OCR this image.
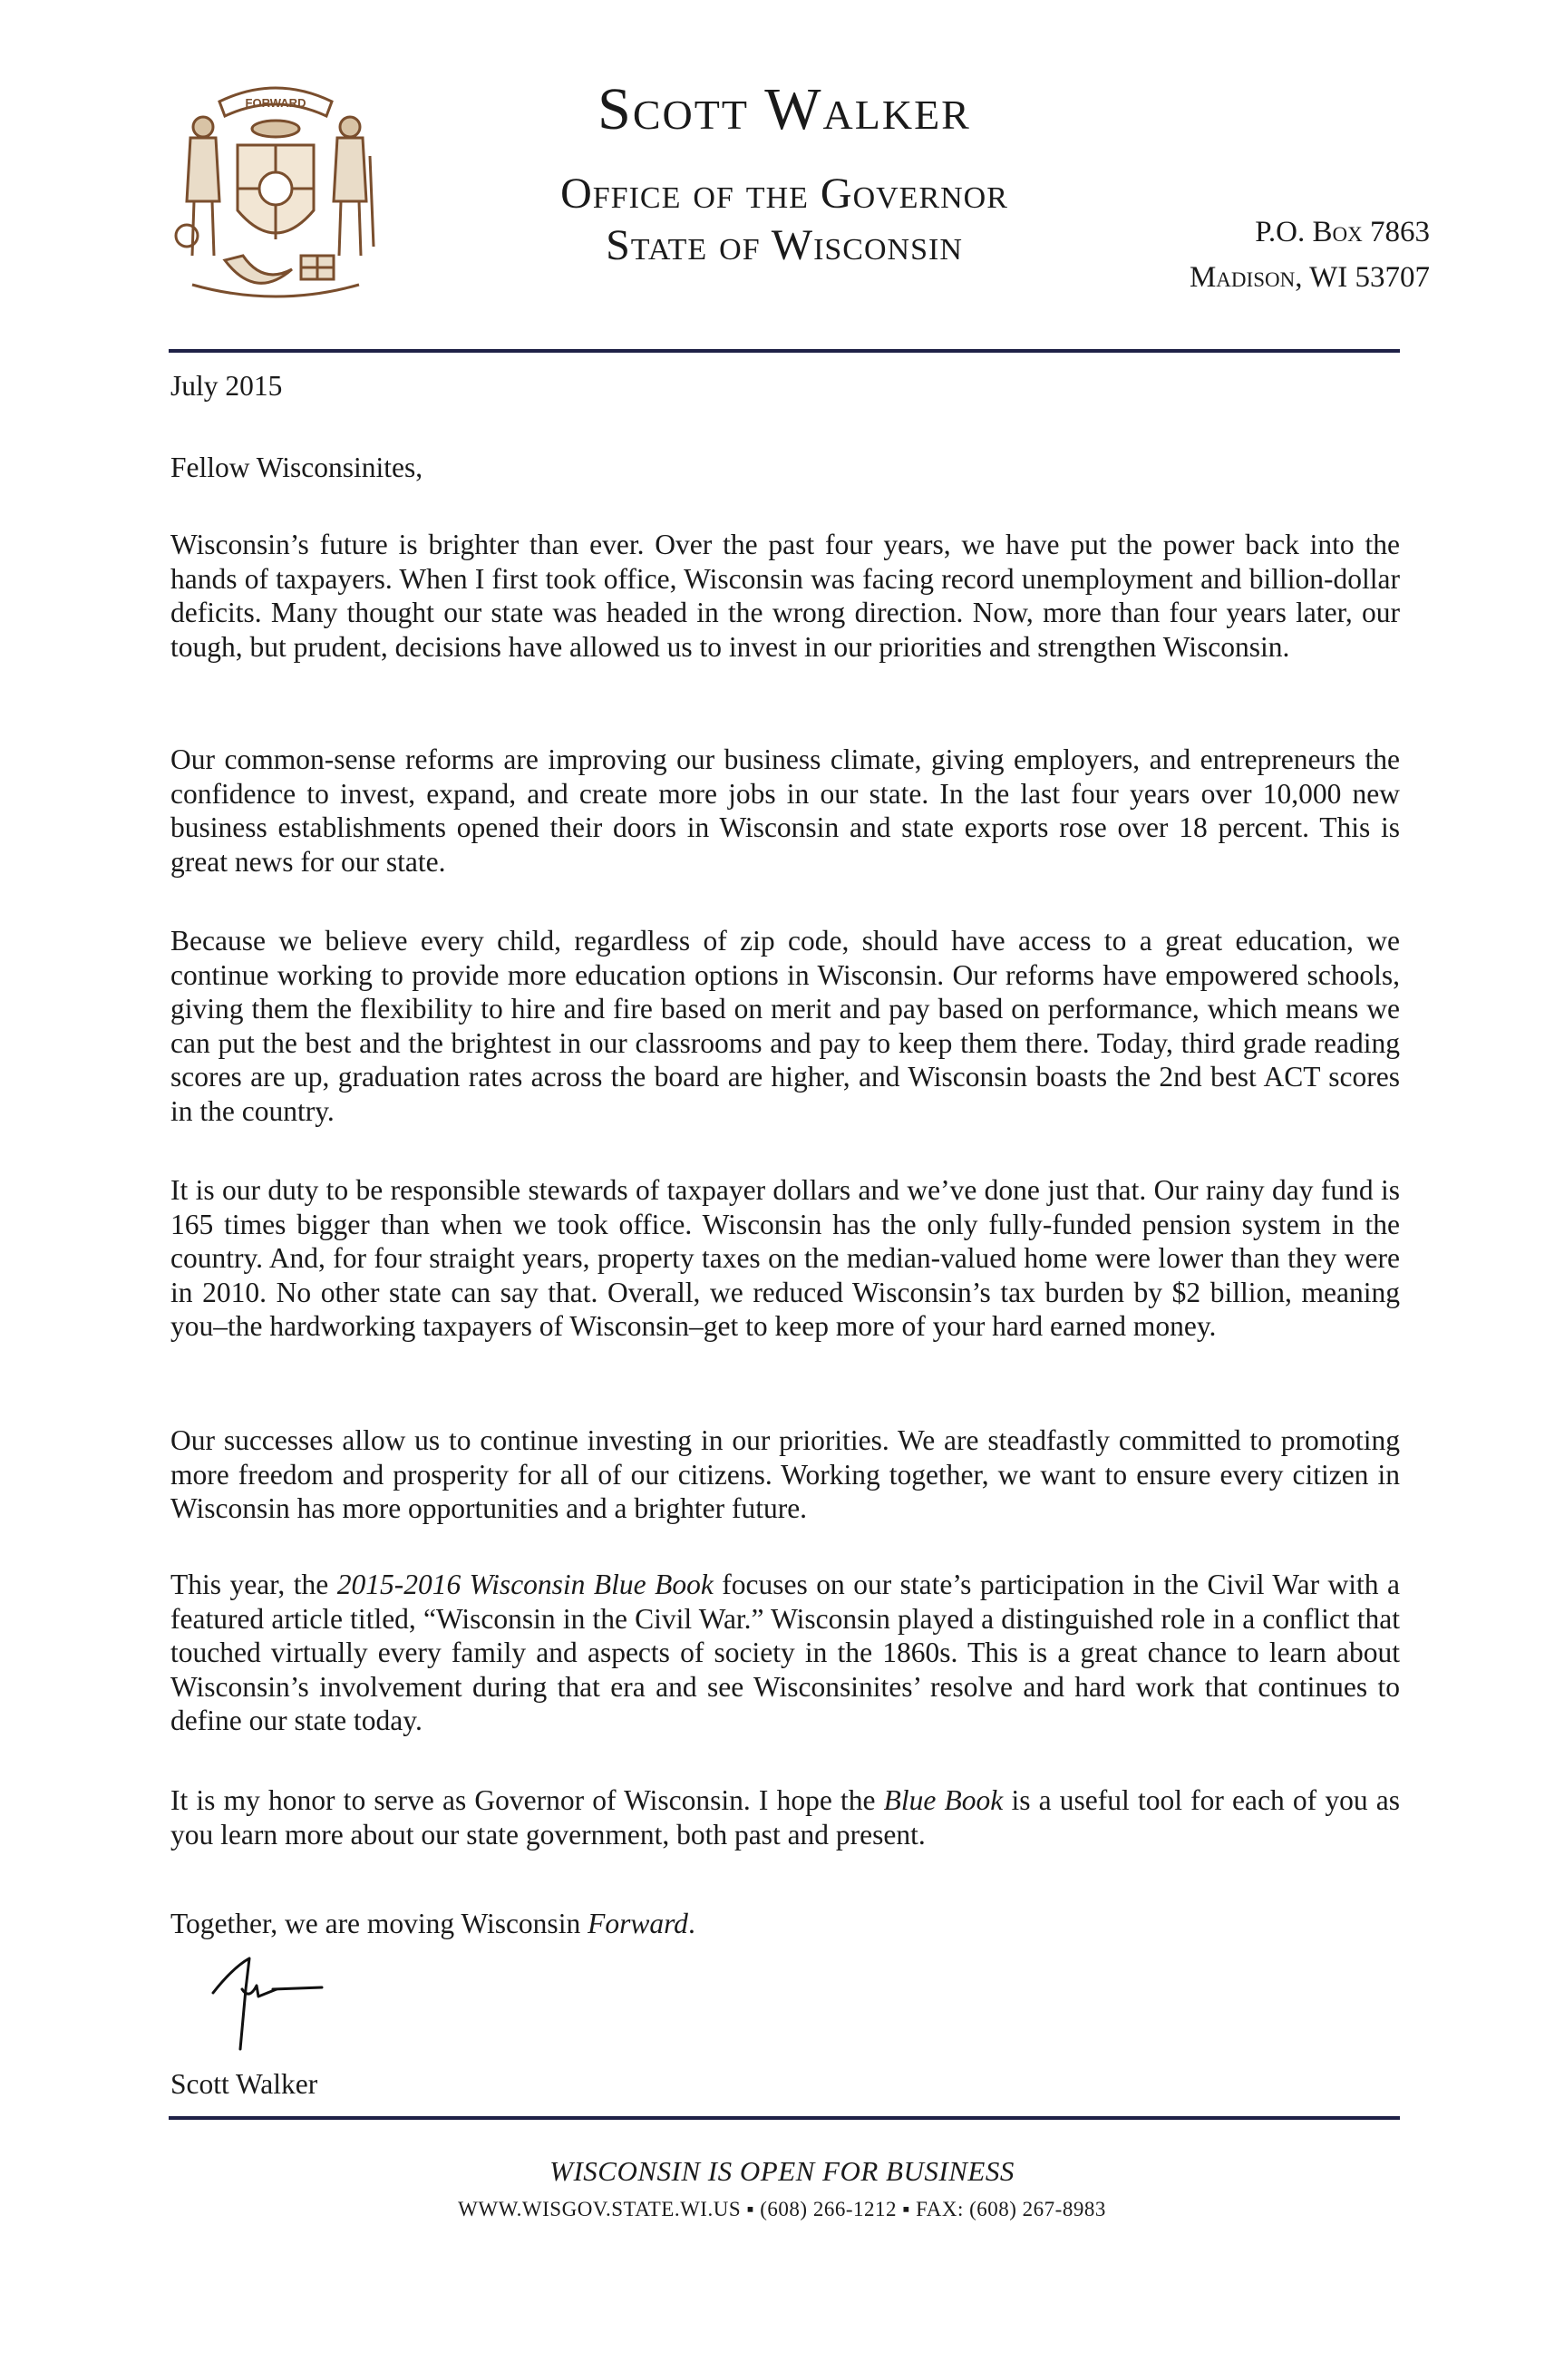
FORWARD	Scott Walker
Office of the Governor
State of Wisconsin	P.O. Box 7863
Madison, WI 53707
July 2015
Fellow Wisconsinites,
Wisconsin’s future is brighter than ever. Over the past four years, we have put the power back into the hands of taxpayers. When I first took office, Wisconsin was facing record unemployment and billion-dollar deficits. Many thought our state was headed in the wrong direction. Now, more than four years later, our tough, but prudent, decisions have allowed us to invest in our priorities and strengthen Wisconsin.
Our common-sense reforms are improving our business climate, giving employers, and entrepreneurs the confidence to invest, expand, and create more jobs in our state. In the last four years over 10,000 new business establishments opened their doors in Wisconsin and state exports rose over 18 percent. This is great news for our state.
Because we believe every child, regardless of zip code, should have access to a great education, we continue working to provide more education options in Wisconsin. Our reforms have empowered schools, giving them the flexibility to hire and fire based on merit and pay based on performance, which means we can put the best and the brightest in our classrooms and pay to keep them there. Today, third grade reading scores are up, graduation rates across the board are higher, and Wisconsin boasts the 2nd best ACT scores in the country.
It is our duty to be responsible stewards of taxpayer dollars and we’ve done just that. Our rainy day fund is 165 times bigger than when we took office. Wisconsin has the only fully-funded pension system in the country. And, for four straight years, property taxes on the median-valued home were lower than they were in 2010. No other state can say that. Overall, we reduced Wisconsin’s tax burden by $2 billion, meaning you–the hardworking taxpayers of Wisconsin–get to keep more of your hard earned money.
Our successes allow us to continue investing in our priorities. We are steadfastly committed to promoting more freedom and prosperity for all of our citizens. Working together, we want to ensure every citizen in Wisconsin has more opportunities and a brighter future.
This year, the 2015-2016 Wisconsin Blue Book focuses on our state’s participation in the Civil War with a featured article titled, “Wisconsin in the Civil War.” Wisconsin played a distinguished role in a conflict that touched virtually every family and aspects of society in the 1860s. This is a great chance to learn about Wisconsin’s involvement during that era and see Wisconsinites’ resolve and hard work that continues to define our state today.
It is my honor to serve as Governor of Wisconsin. I hope the Blue Book is a useful tool for each of you as you learn more about our state government, both past and present.
Together, we are moving Wisconsin Forward.
Scott Walker
WISCONSIN IS OPEN FOR BUSINESS
WWW.WISGOV.STATE.WI.US ▪ (608) 266-1212 ▪ FAX: (608) 267-8983
